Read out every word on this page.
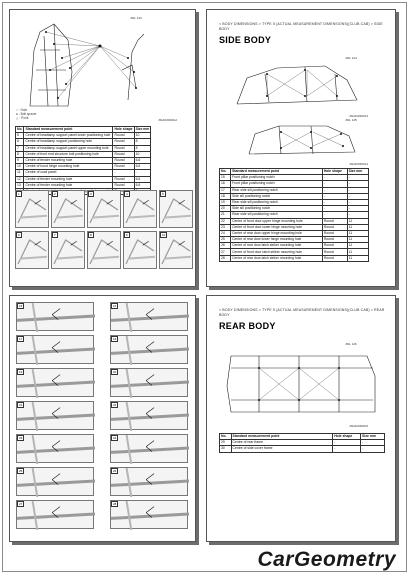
JSIL 143
○ : Hole
● : Bolt spacer
△ : Point	JSIAK0000G2
No.	Standard measurement point	Hole shape	Size mm
5	Centre of headlamp support panel lower positioning hole	Round	10
6	Centre of headlamp support positioning hole	Round	8
7	Centre of headlamp support panel upper mounting hole	Round	8
8	Centre of front end structure bolt positioning hole	Round	10
9	Centre of fender mounting hole	Round	6.6
10	Centre of hood hinge mounting hole	Round	6.6
11	Centre of cowl panel	-	-
12	Centre of fender mounting hole	Round	6.6
13	Centre of fender mounting hole	Round	6.6

1	2	3	4	5
6	7	8	9	10
< BODY DIMENSIONS > TYPE 5 (ACTUAL MEASUREMENT DIMENSIONS)(CLUB CAB) > SIDE BODY
SIDE BODY
JSIL 144
JSIAK0000G3
JSIL 145
JSIAK0000G4
No.	Standard measurement point	Hole shape	Size mm
15	Front pillar positioning notch	-	-
16	Front pillar positioning notch	-	-
17	Rear side sill positioning notch	-	-
18	Side sill positioning notch	-	-
19	Rear side sill positioning notch	-	-
20	Side sill positioning notch	-	-
21	Rear side sill positioning notch	-	-
22	Centre of front door upper hinge mounting hole	Round	11
23	Centre of front door lower hinge mounting hole	Round	11
24	Centre of rear door upper hinge mounting hole	Round	11
25	Centre of rear door lower hinge mounting hole	Round	11
26	Centre of rear door latch striker mounting hole	Round	11
27	Centre of front door latch striker mounting hole	Round	11
28	Centre of rear door latch striker mounting hole	Round	11
15	16
17	18
19	20
21	22
23	24
25	26
27	28
< BODY DIMENSIONS > TYPE 5 (ACTUAL MEASUREMENT DIMENSIONS)(CLUB CAB) > REAR BODY
REAR BODY
JSIL 146
JSIAK0000G5
No.	Standard measurement point	Hole shape	Size mm
29	Centre of rear frame	-	-
30	Centre of side cover frame	-	-
CarGeometry
